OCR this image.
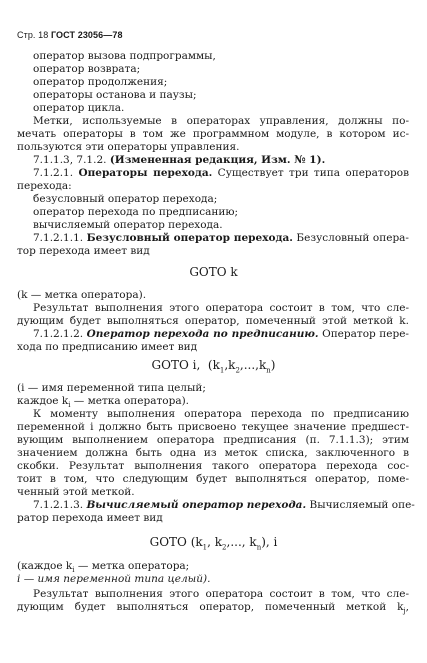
Стр. 18 ГОСТ 23056—78
оператор вызова подпрограммы,
оператор возврата;
оператор продолжения;
операторы останова и паузы;
оператор цикла.
Метки, используемые в операторах управления, должны по-
мечать операторы в том же программном модуле, в котором ис-
пользуются эти операторы управления.
7.1.1.3, 7.1.2. (Измененная редакция, Изм. № 1).
7.1.2.1. Операторы перехода. Существует три типа операторов
перехода:
безусловный оператор перехода;
оператор перехода по предписанию;
вычисляемый оператор перехода.
7.1.2.1.1. Безусловный оператор перехода. Безусловный опера-
тор перехода имеет вид
GOTO k
(k — метка оператора).
Результат выполнения этого оператора состоит в том, что сле-
дующим будет выполняться оператор, помеченный этой меткой k.
7.1.2.1.2. Оператор перехода по предписанию. Оператор пере-
хода по предписанию имеет вид
GOTO i, $(k_1,k_2,...,k_n)$
(i — имя переменной типа целый;
каждое $k_i$ — метка оператора).
К моменту выполнения оператора перехода по предписанию
переменной i должно быть присвоено текущее значение предшест-
вующим выполнением оператора предписания (п. 7.1.1.3); этим
значением должна быть одна из меток списка, заключенного в
скобки. Результат выполнения такого оператора перехода сос-
тоит в том, что следующим будет выполняться оператор, поме-
ченный этой меткой.
7.1.2.1.3. Вычисляемый оператор перехода. Вычисляемый опе-
ратор перехода имеет вид
GOTO ($k_1$, $k_2$,..., $k_n$), i
(каждое $k_i$ — метка оператора;
i — имя переменной типа целый).
Результат выполнения этого оператора состоит в том, что сле-
дующим будет выполняться оператор, помеченный меткой $k_j$,
